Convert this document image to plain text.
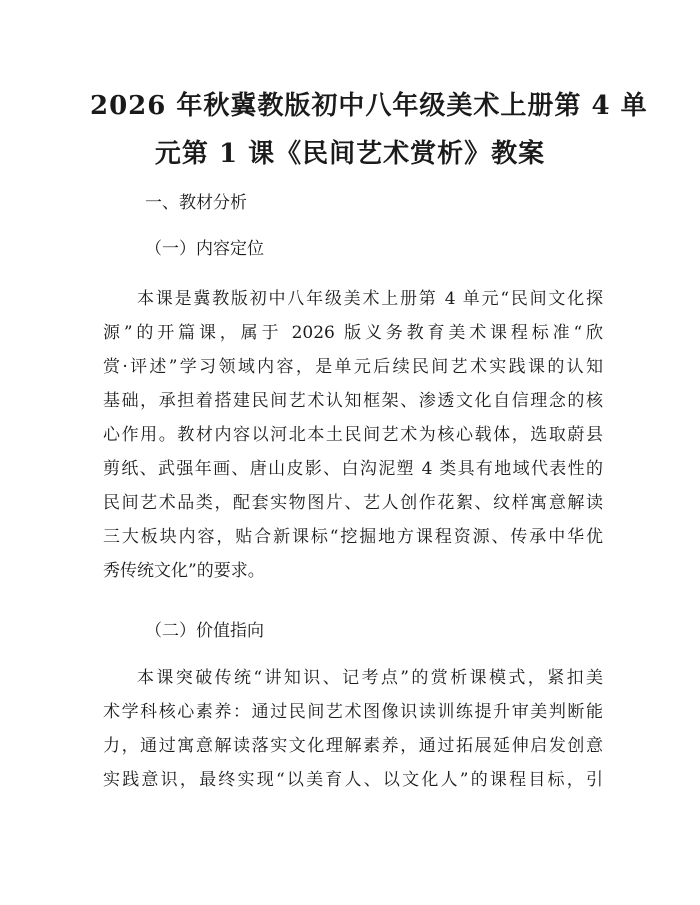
2026 年秋冀教版初中八年级美术上册第 4 单
元第 1 课《民间艺术赏析》教案
一、教材分析
（一）内容定位
本课是冀教版初中八年级美术上册第 4 单元“民间文化探
源”的开篇课，属于 2026 版义务教育美术课程标准“欣
赏·评述”学习领域内容，是单元后续民间艺术实践课的认知
基础，承担着搭建民间艺术认知框架、渗透文化自信理念的核
心作用。教材内容以河北本土民间艺术为核心载体，选取蔚县
剪纸、武强年画、唐山皮影、白沟泥塑 4 类具有地域代表性的
民间艺术品类，配套实物图片、艺人创作花絮、纹样寓意解读
三大板块内容，贴合新课标“挖掘地方课程资源、传承中华优
秀传统文化”的要求。
（二）价值指向
本课突破传统“讲知识、记考点”的赏析课模式，紧扣美
术学科核心素养：通过民间艺术图像识读训练提升审美判断能
力，通过寓意解读落实文化理解素养，通过拓展延伸启发创意
实践意识，最终实现“以美育人、以文化人”的课程目标，引
